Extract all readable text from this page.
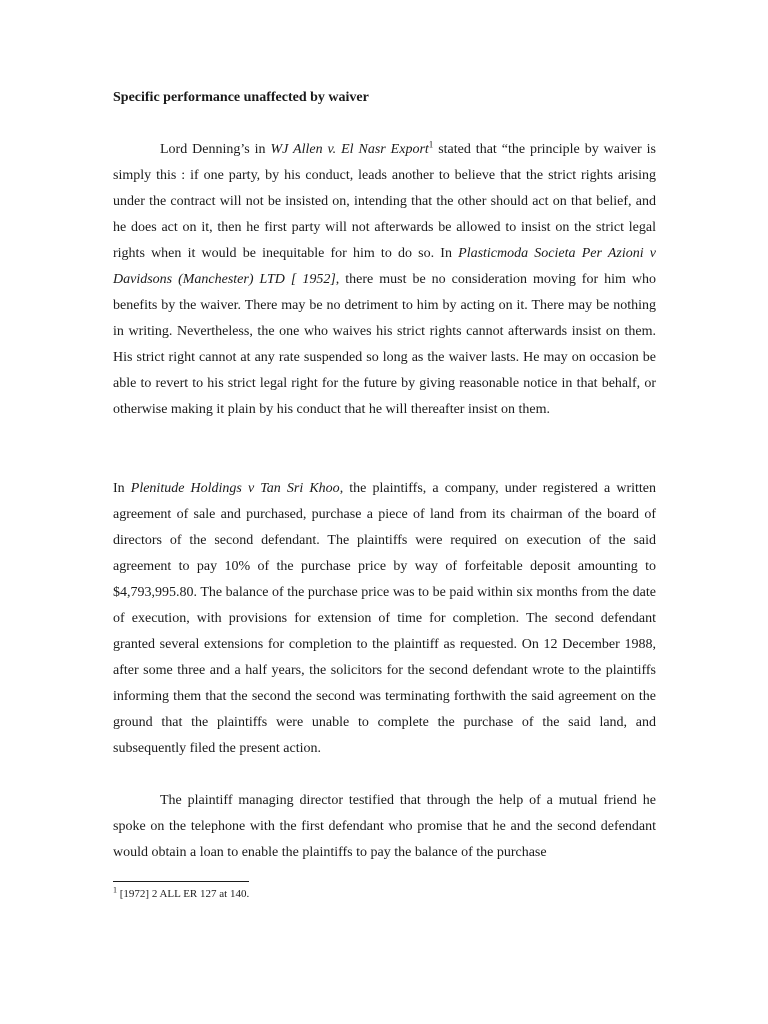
Specific performance unaffected by waiver

Lord Denning’s in WJ Allen v. El Nasr Export$^1$ stated that “the principle by waiver is simply this : if one party, by his conduct, leads another to believe that the strict rights arising under the contract will not be insisted on, intending that the other should act on that belief, and he does act on it, then he first party will not afterwards be allowed to insist on the strict legal rights when it would be inequitable for him to do so. In Plasticmoda Societa Per Azioni v Davidsons (Manchester) LTD [ 1952], there must be no consideration moving for him who benefits by the waiver. There may be no detriment to him by acting on it. There may be nothing in writing. Nevertheless, the one who waives his strict rights cannot afterwards insist on them. His strict right cannot at any rate suspended so long as the waiver lasts. He may on occasion be able to revert to his strict legal right for the future by giving reasonable notice in that behalf, or otherwise making it plain by his conduct that he will thereafter insist on them.

In Plenitude Holdings v Tan Sri Khoo, the plaintiffs, a company, under registered a written agreement of sale and purchased, purchase a piece of land from its chairman of the board of directors of the second defendant. The plaintiffs were required on execution of the said agreement to pay 10% of the purchase price by way of forfeitable deposit amounting to $4,793,995.80. The balance of the purchase price was to be paid within six months from the date of execution, with provisions for extension of time for completion. The second defendant granted several extensions for completion to the plaintiff as requested. On 12 December 1988, after some three and a half years, the solicitors for the second defendant wrote to the plaintiffs informing them that the second the second was terminating forthwith the said agreement on the ground that the plaintiffs were unable to complete the purchase of the said land, and subsequently filed the present action.

The plaintiff managing director testified that through the help of a mutual friend he spoke on the telephone with the first defendant who promise that he and the second defendant would obtain a loan to enable the plaintiffs to pay the balance of the purchase

$^1$ [1972] 2 ALL ER 127 at 140.
